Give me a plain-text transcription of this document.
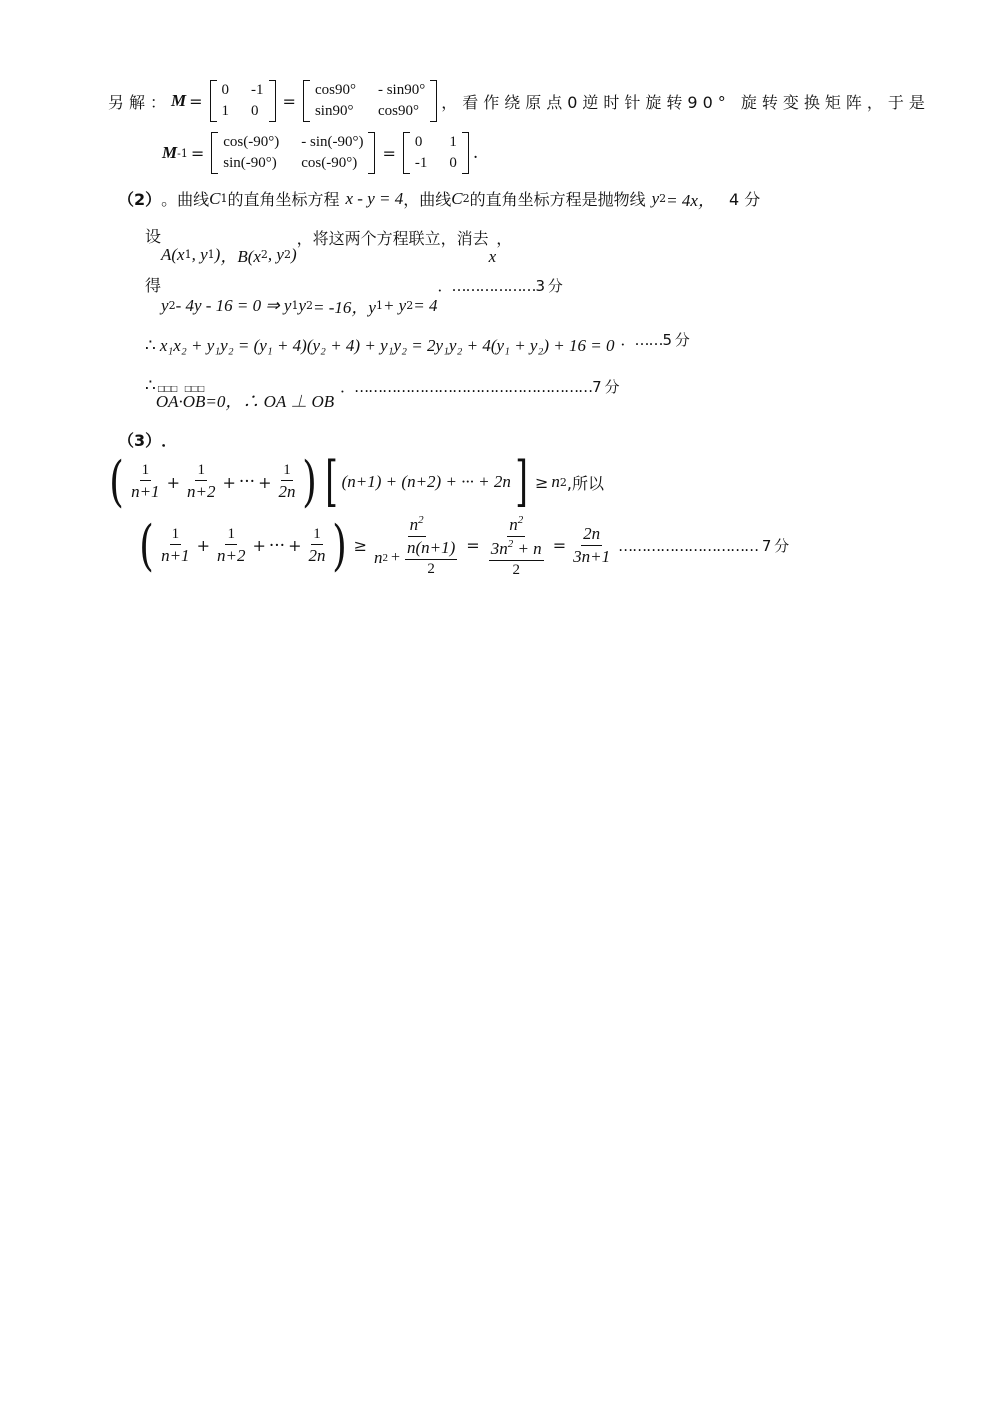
另解： M =
0 -1
1 0
=
cos90° - sin90°
sin90° cos90°	，看作绕原点0逆时针旋转90° 旋转变换矩阵，于是
M -1 =
cos(-90°) - sin(-90°)
sin(-90°) cos(-90°)
=
0	1
-1 0 .
（2） 。曲线 C 1 的直角坐标方程 x - y = 4 ，曲线 C 2 的直角坐标方程是抛物线 y 2 = 4x， 4 分
设
A(x 1 , y 1 ) ，B(x 2 , y 2 )
，将这两个方程联立，消去
x
，
得
y 2 - 4y - 16 = 0 ⇒ y 1 y 2 = -16，y 1 + y 2 = 4
．………………3 分
∴ x₁x₂ + y₁y₂ = (y₁ + 4)(y₂ + 4) + y₁y₂ = 2y₁y₂ + 4(y₁ + y₂) + 16 = 0 ．……5 分
∴ □□□
OA ·
□□□
OB =0 ，∴ OA ⊥ OB
．……………………………………………7 分
（3） ．
( $\frac{1}{n+1} + \frac{1}{n+2}$ + ··· + $\frac{1}{2n}$ ) [ (n+1) + (n+2) + ··· + 2n ] ≥ n 2 ,所以
( $\frac{1}{n+1} + \frac{1}{n+2}$ + ··· + $\frac{1}{2n}$ ) ≥ $\frac{n^2}{n 2 + \frac{n(n+1)}{2}} = \frac{n^2}{\frac{3n^2 + n}{2}} = \frac{2n}{3n+1}$ ………………………… 7 分
